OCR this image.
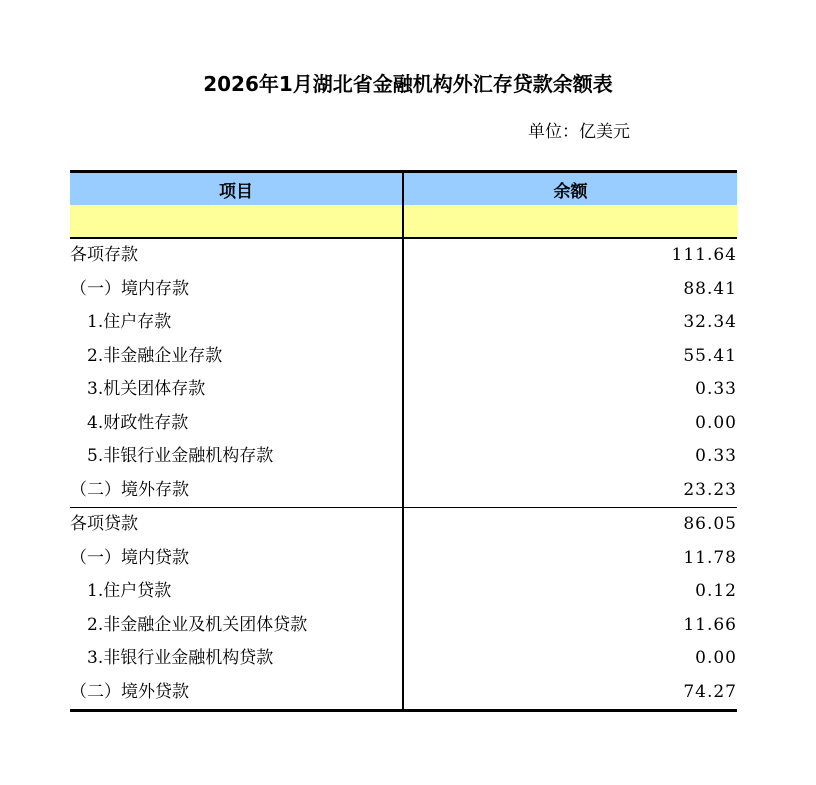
2026年1月湖北省金融机构外汇存贷款余额表
单位：亿美元
项目	余额

各项存款	111.64
（一）境内存款	88.41
　1.住户存款	32.34
　2.非金融企业存款	55.41
　3.机关团体存款	0.33
　4.财政性存款	0.00
　5.非银行业金融机构存款	0.33
（二）境外存款	23.23
各项贷款	86.05
（一）境内贷款	11.78
　1.住户贷款	0.12
　2.非金融企业及机关团体贷款	11.66
　3.非银行业金融机构贷款	0.00
（二）境外贷款	74.27
